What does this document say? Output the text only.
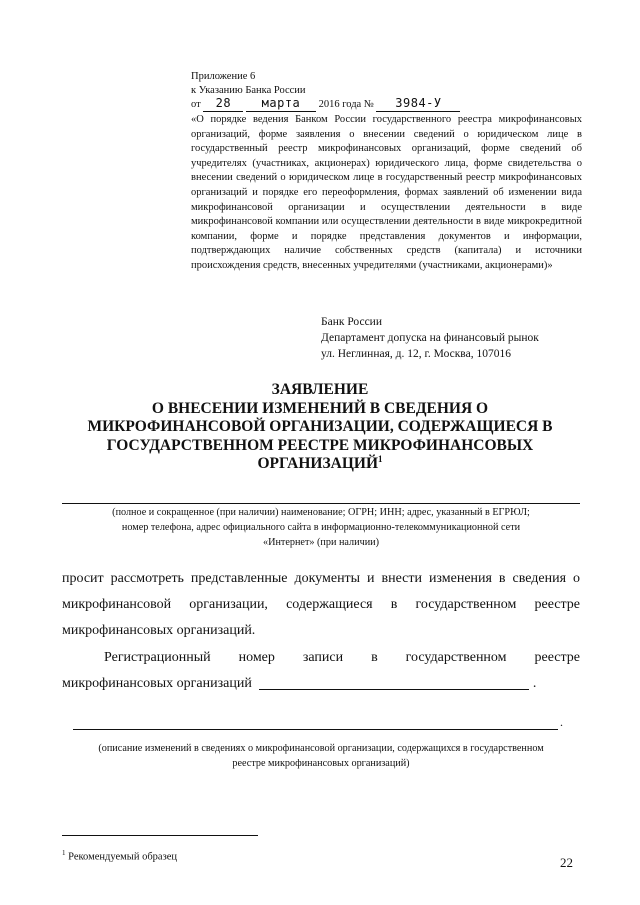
Приложение 6
к Указанию Банка России
от 28	марта 2016 года № 3984-У
«О порядке ведения Банком России государственного реестра микрофинансовых организаций, форме заявления о внесении сведений о юридическом лице в государственный реестр микрофинансовых организаций, форме сведений об учредителях (участниках, акционерах) юридического лица, форме свидетельства о внесении сведений о юридическом лице в государственный реестр микрофинансовых организаций и порядке его переоформления, формах заявлений об изменении вида микрофинансовой организации и осуществлении деятельности в виде микрофинансовой компании или осуществлении деятельности в виде микрокредитной компании, форме и порядке представления документов и информации, подтверждающих наличие собственных средств (капитала) и источники происхождения средств, внесенных учредителями (участниками, акционерами)»
Банк России
Департамент допуска на финансовый рынок
ул. Неглинная, д. 12, г. Москва, 107016
ЗАЯВЛЕНИЕ
О ВНЕСЕНИИ ИЗМЕНЕНИЙ В СВЕДЕНИЯ О
МИКРОФИНАНСОВОЙ ОРГАНИЗАЦИИ, СОДЕРЖАЩИЕСЯ В
ГОСУДАРСТВЕННОМ РЕЕСТРЕ МИКРОФИНАНСОВЫХ
ОРГАНИЗАЦИЙ$^1$
(полное и сокращенное (при наличии) наименование; ОГРН; ИНН; адрес, указанный в ЕГРЮЛ;
номер телефона, адрес официального сайта в информационно-телекоммуникационной сети
«Интернет» (при наличии)
просит рассмотреть представленные документы и внести изменения в сведения о микрофинансовой организации, содержащиеся в государственном реестре микрофинансовых организаций.
Регистрационный номер записи в государственном реестре
микрофинансовых организаций	.
.
(описание изменений в сведениях о микрофинансовой организации, содержащихся в государственном
реестре микрофинансовых организаций)
$^1$ Рекомендуемый образец	22
